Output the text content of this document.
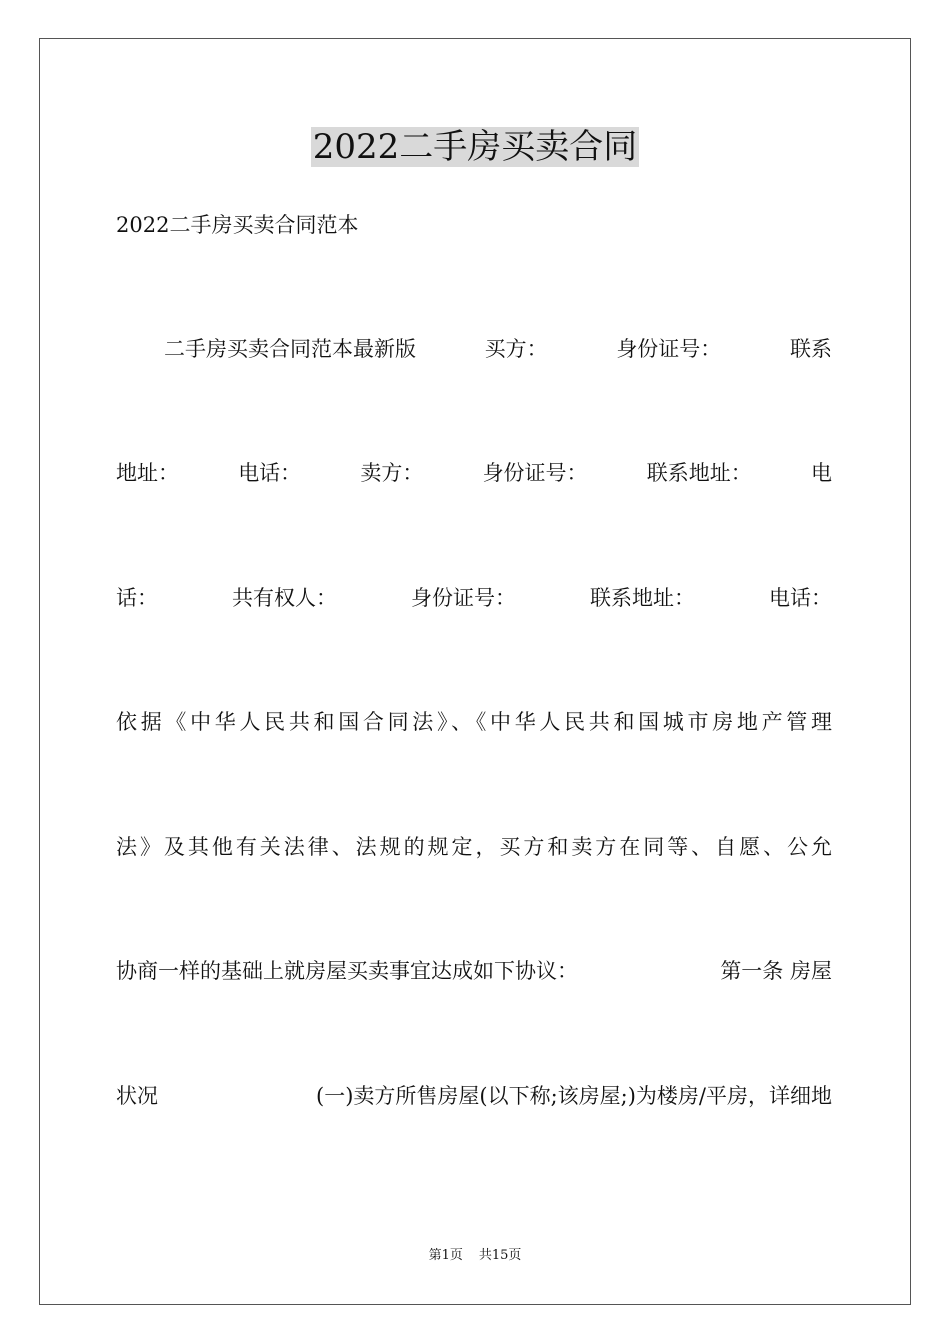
2022二手房买卖合同
2022二手房买卖合同范本
二手房买卖合同范本最新版	买方：	身份证号：	联系
地址：	电话：	卖方：	身份证号：	联系地址：	电
话：	共有权人：	身份证号：	联系地址：	电话：
依据《中华人民共和国合同法》、《中华人民共和国城市房地产管理
法》及其他有关法律、法规的规定，买方和卖方在同等、自愿、公允
协商一样的基础上就房屋买卖事宜达成如下协议：	第一条 房屋
状况	(一)卖方所售房屋(以下称;该房屋;)为楼房/平房，详细地
第1页 共15页
